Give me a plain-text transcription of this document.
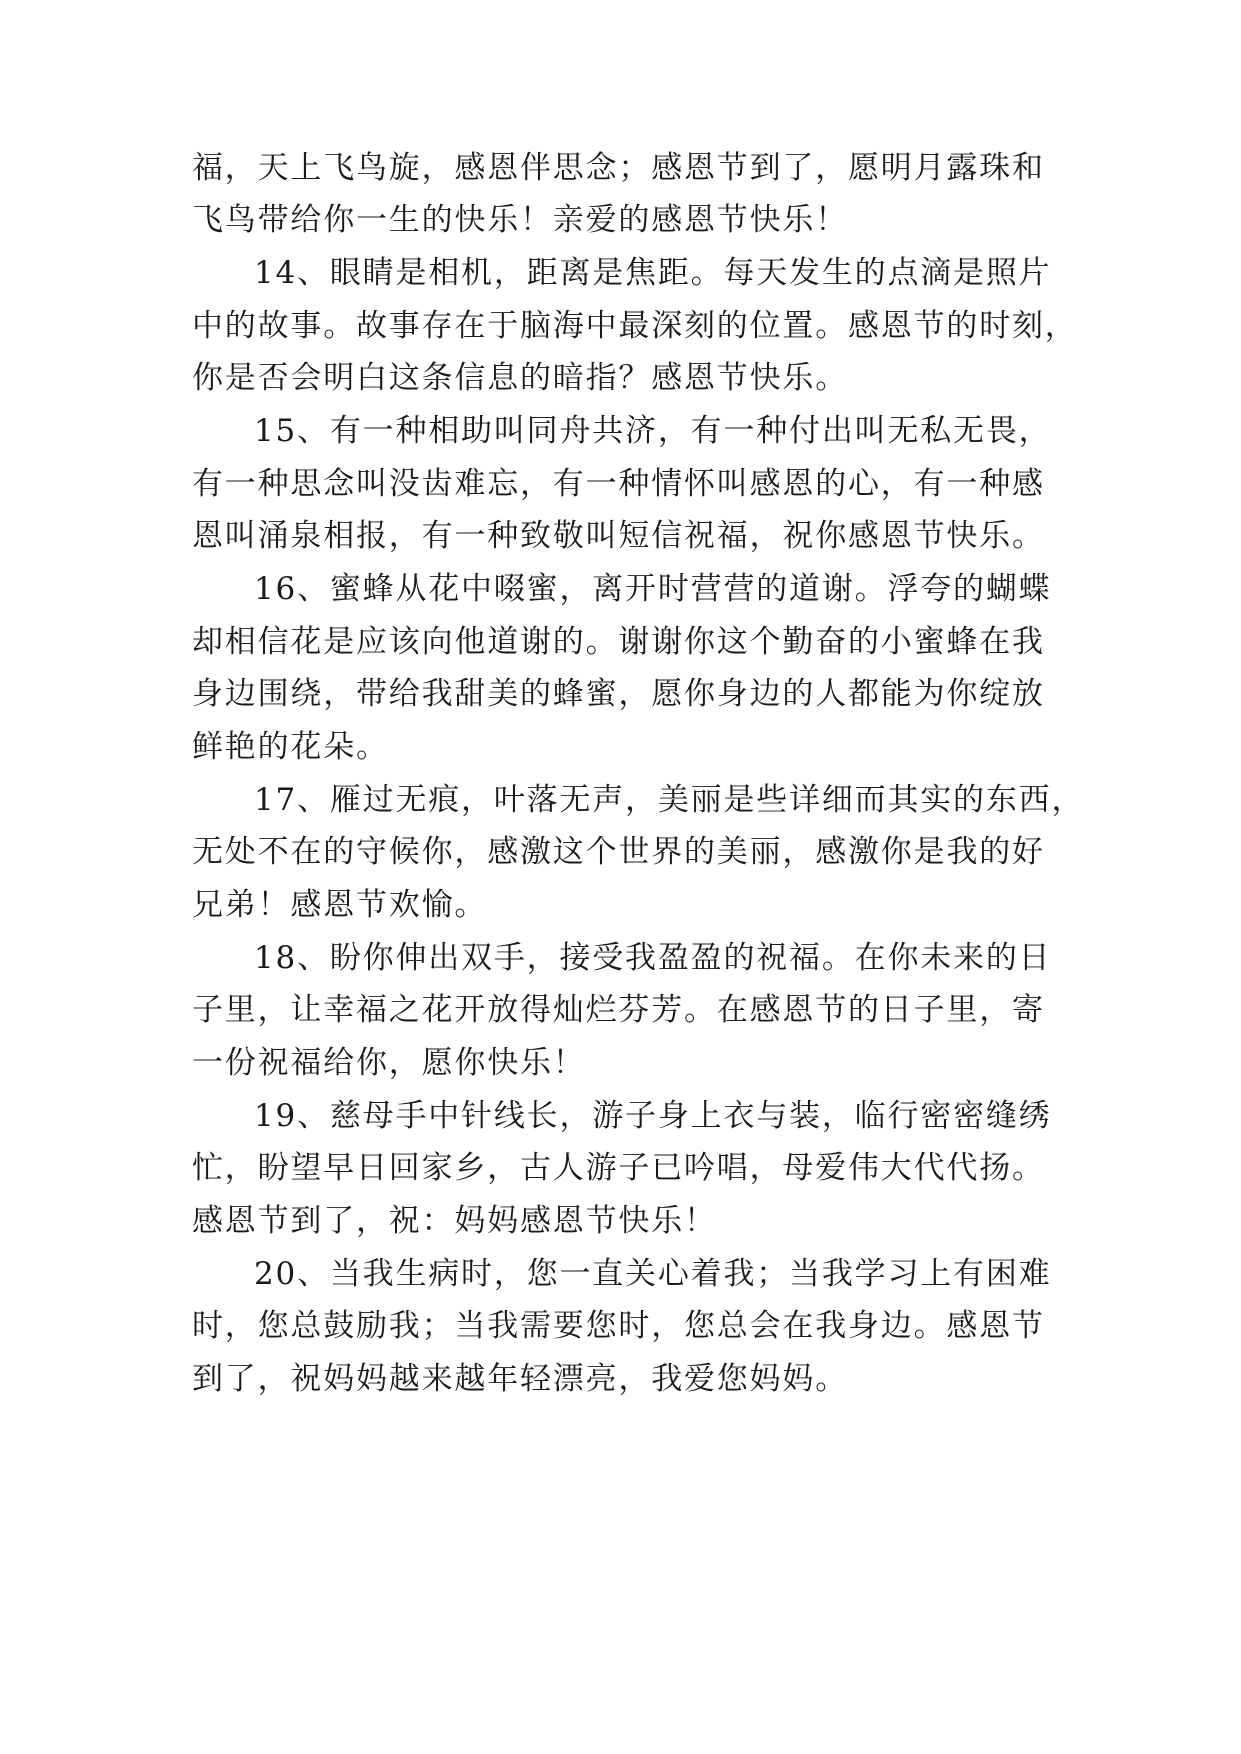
福，天上飞鸟旋，感恩伴思念；感恩节到了，愿明月露珠和
飞鸟带给你一生的快乐！亲爱的感恩节快乐！
14、眼睛是相机，距离是焦距。每天发生的点滴是照片
中的故事。故事存在于脑海中最深刻的位置。感恩节的时刻，
你是否会明白这条信息的暗指？感恩节快乐。
15、有一种相助叫同舟共济，有一种付出叫无私无畏，
有一种思念叫没齿难忘，有一种情怀叫感恩的心，有一种感
恩叫涌泉相报，有一种致敬叫短信祝福，祝你感恩节快乐。
16、蜜蜂从花中啜蜜，离开时营营的道谢。浮夸的蝴蝶
却相信花是应该向他道谢的。谢谢你这个勤奋的小蜜蜂在我
身边围绕，带给我甜美的蜂蜜，愿你身边的人都能为你绽放
鲜艳的花朵。
17、雁过无痕，叶落无声，美丽是些详细而其实的东西，
无处不在的守候你，感激这个世界的美丽，感激你是我的好
兄弟！感恩节欢愉。
18、盼你伸出双手，接受我盈盈的祝福。在你未来的日
子里，让幸福之花开放得灿烂芬芳。在感恩节的日子里，寄
一份祝福给你，愿你快乐！
19、慈母手中针线长，游子身上衣与装，临行密密缝绣
忙，盼望早日回家乡，古人游子已吟唱，母爱伟大代代扬。
感恩节到了，祝：妈妈感恩节快乐！
20、当我生病时，您一直关心着我；当我学习上有困难
时，您总鼓励我；当我需要您时，您总会在我身边。感恩节
到了，祝妈妈越来越年轻漂亮，我爱您妈妈。
